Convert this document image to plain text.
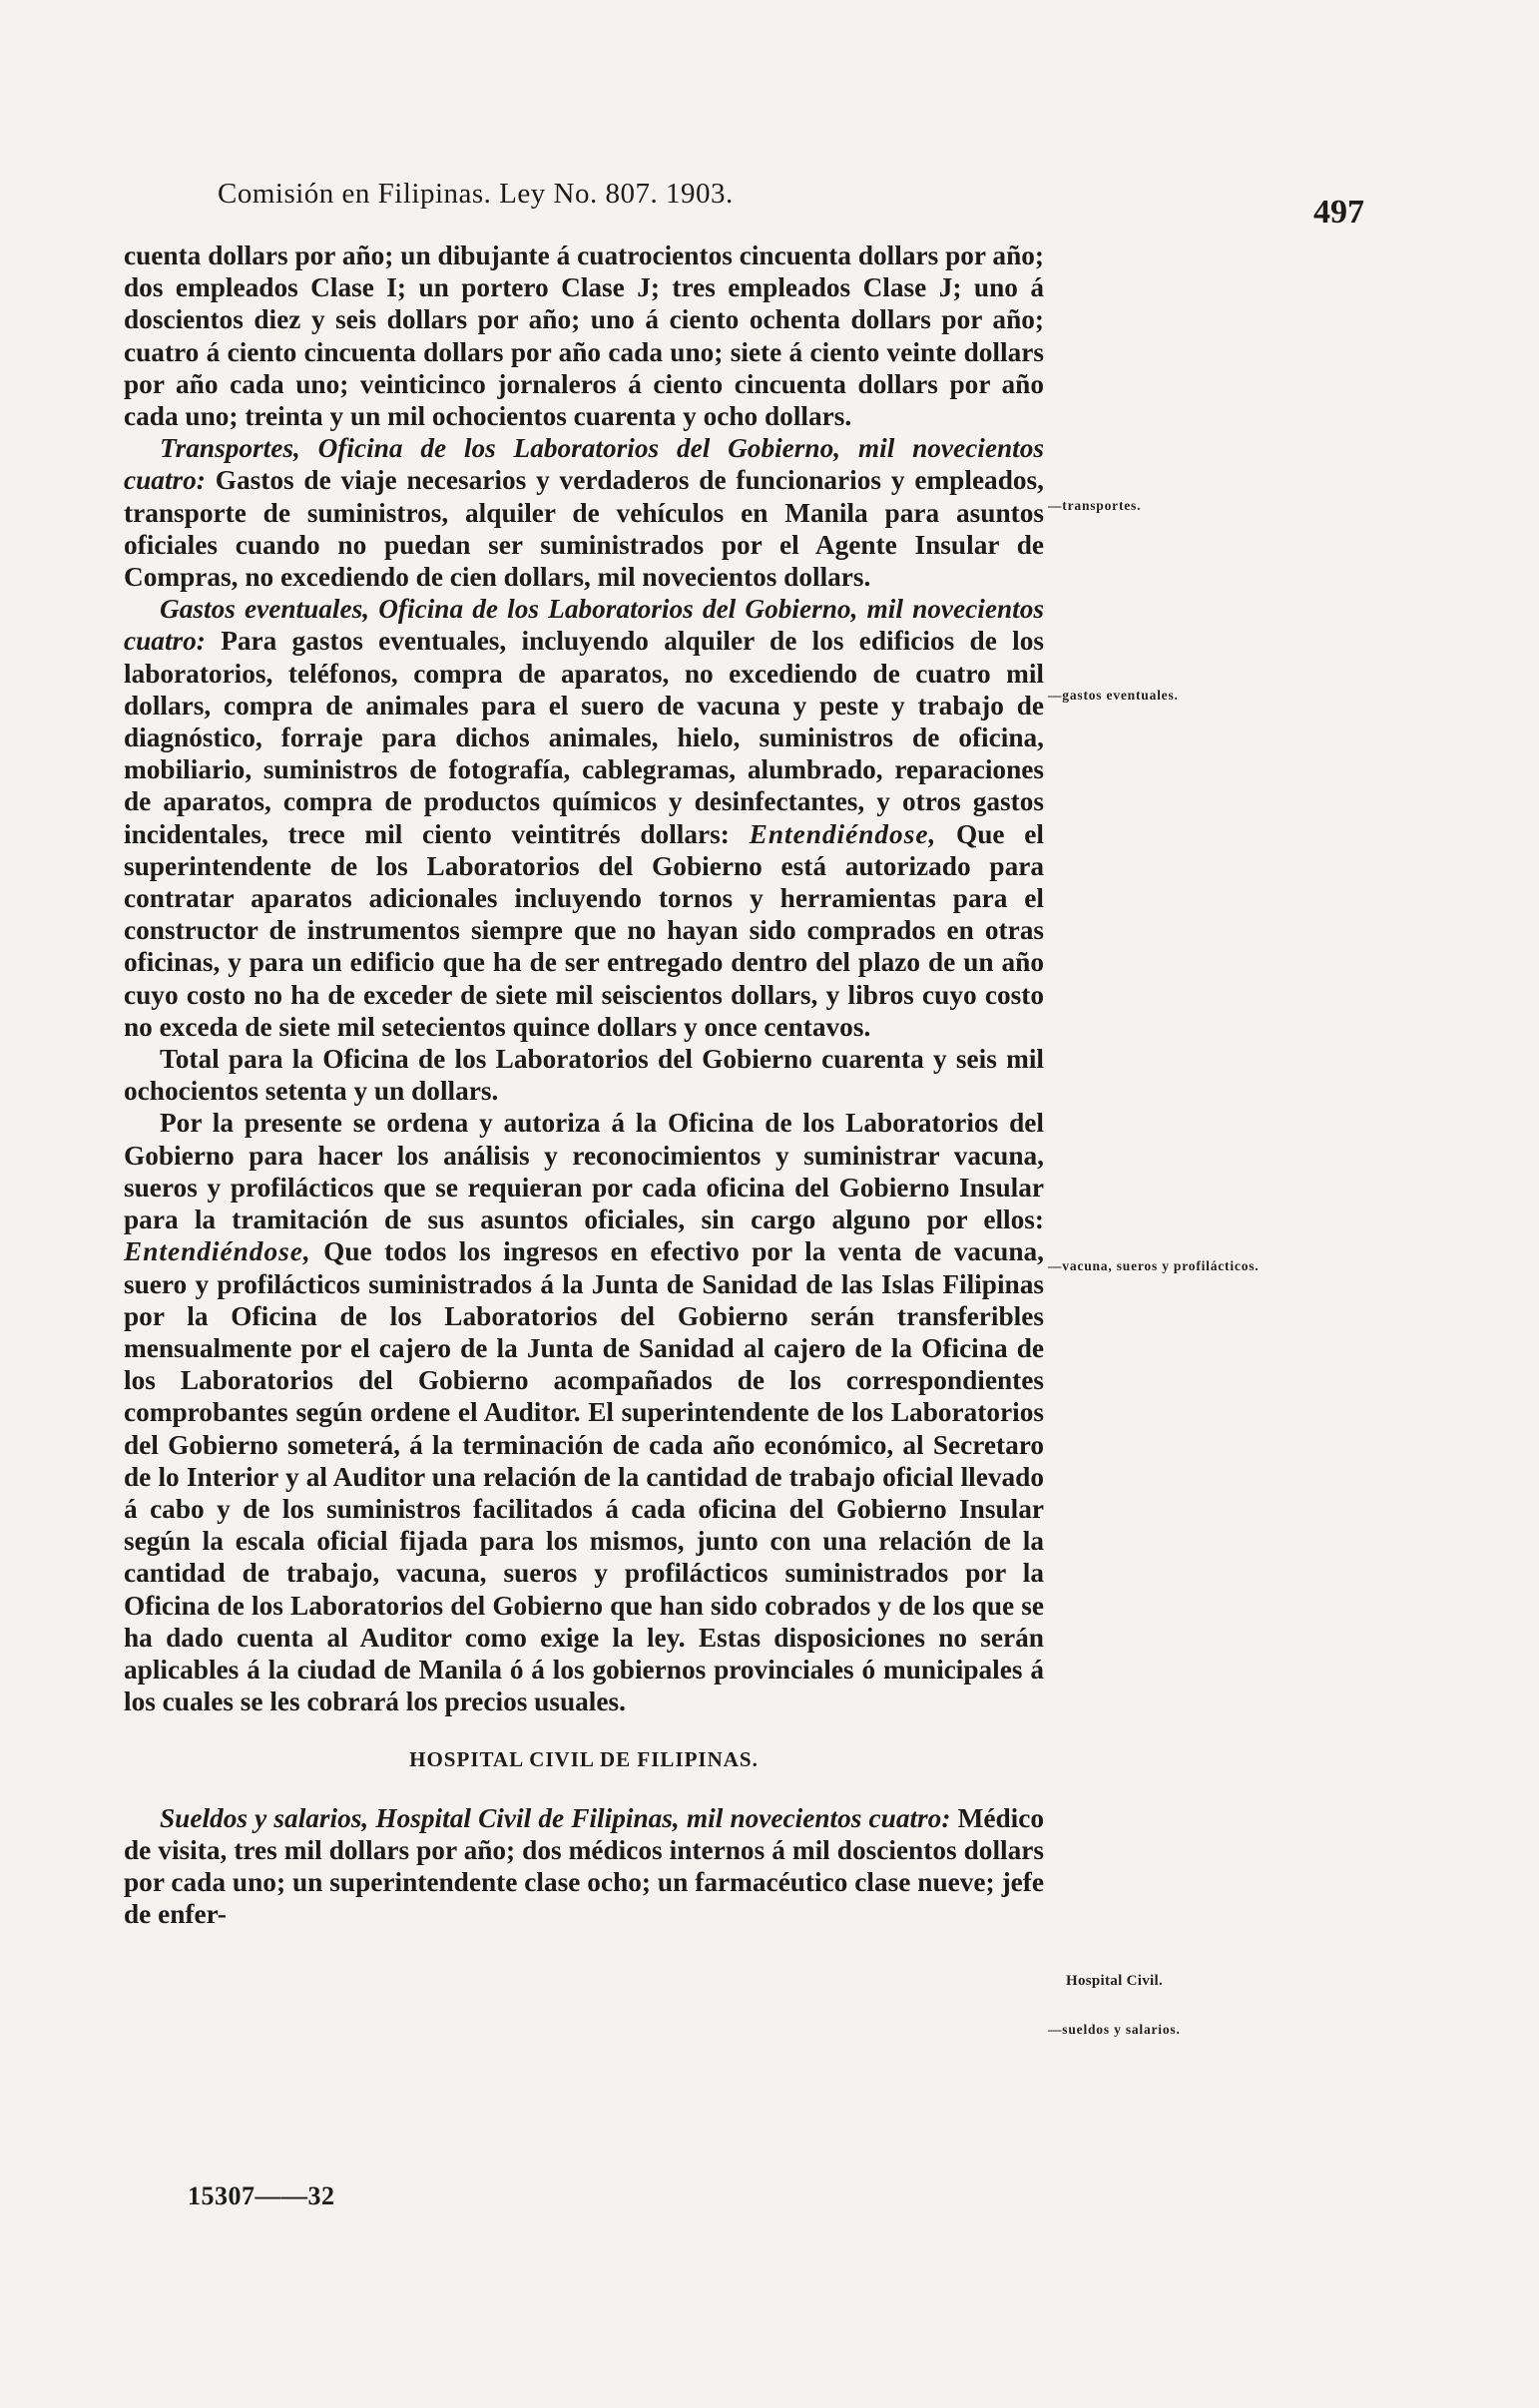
Comisión en Filipinas. Ley No. 807. 1903.	497

cuenta dollars por año; un dibujante á cuatrocientos cincuenta dollars por año; dos empleados Clase I; un portero Clase J; tres empleados Clase J; uno á doscientos diez y seis dollars por año; uno á ciento ochenta dollars por año; cuatro á ciento cincuenta dollars por año cada uno; siete á ciento veinte dollars por año cada uno; veinticinco jornaleros á ciento cincuenta dollars por año cada uno; treinta y un mil ochocientos cuarenta y ocho dollars.

Transportes, Oficina de los Laboratorios del Gobierno, mil novecientos cuatro: Gastos de viaje necesarios y verdaderos de funcionarios y empleados, transporte de suministros, alquiler de vehículos en Manila para asuntos oficiales cuando no puedan ser suministrados por el Agente Insular de Compras, no excediendo de cien dollars, mil novecientos dollars.

Gastos eventuales, Oficina de los Laboratorios del Gobierno, mil novecientos cuatro: Para gastos eventuales, incluyendo alquiler de los edificios de los laboratorios, teléfonos, compra de aparatos, no excediendo de cuatro mil dollars, compra de animales para el suero de vacuna y peste y trabajo de diagnóstico, forraje para dichos animales, hielo, suministros de oficina, mobiliario, suministros de fotografía, cablegramas, alumbrado, reparaciones de aparatos, compra de productos químicos y desinfectantes, y otros gastos incidentales, trece mil ciento veintitrés dollars: Entendiéndose, Que el superintendente de los Laboratorios del Gobierno está autorizado para contratar aparatos adicionales incluyendo tornos y herramientas para el constructor de instrumentos siempre que no hayan sido comprados en otras oficinas, y para un edificio que ha de ser entregado dentro del plazo de un año cuyo costo no ha de exceder de siete mil seiscientos dollars, y libros cuyo costo no exceda de siete mil setecientos quince dollars y once centavos.

Total para la Oficina de los Laboratorios del Gobierno cuarenta y seis mil ochocientos setenta y un dollars.

Por la presente se ordena y autoriza á la Oficina de los Laboratorios del Gobierno para hacer los análisis y reconocimientos y suministrar vacuna, sueros y profilácticos que se requieran por cada oficina del Gobierno Insular para la tramitación de sus asuntos oficiales, sin cargo alguno por ellos: Entendiéndose, Que todos los ingresos en efectivo por la venta de vacuna, suero y profilácticos suministrados á la Junta de Sanidad de las Islas Filipinas por la Oficina de los Laboratorios del Gobierno serán transferibles mensualmente por el cajero de la Junta de Sanidad al cajero de la Oficina de los Laboratorios del Gobierno acompañados de los correspondientes comprobantes según ordene el Auditor. El superintendente de los Laboratorios del Gobierno someterá, á la terminación de cada año económico, al Secretaro de lo Interior y al Auditor una relación de la cantidad de trabajo oficial llevado á cabo y de los suministros facilitados á cada oficina del Gobierno Insular según la escala oficial fijada para los mismos, junto con una relación de la cantidad de trabajo, vacuna, sueros y profilácticos suministrados por la Oficina de los Laboratorios del Gobierno que han sido cobrados y de los que se ha dado cuenta al Auditor como exige la ley. Estas disposiciones no serán aplicables á la ciudad de Manila ó á los gobiernos provinciales ó municipales á los cuales se les cobrará los precios usuales.

HOSPITAL CIVIL DE FILIPINAS.

Sueldos y salarios, Hospital Civil de Filipinas, mil novecientos cuatro: Médico de visita, tres mil dollars por año; dos médicos internos á mil doscientos dollars por cada uno; un superintendente clase ocho; un farmacéutico clase nueve; jefe de enfer-

—transportes.
—gastos eventuales.
—vacuna, sueros y profilácticos.
Hospital Civil.
—sueldos y salarios.
15307——32
